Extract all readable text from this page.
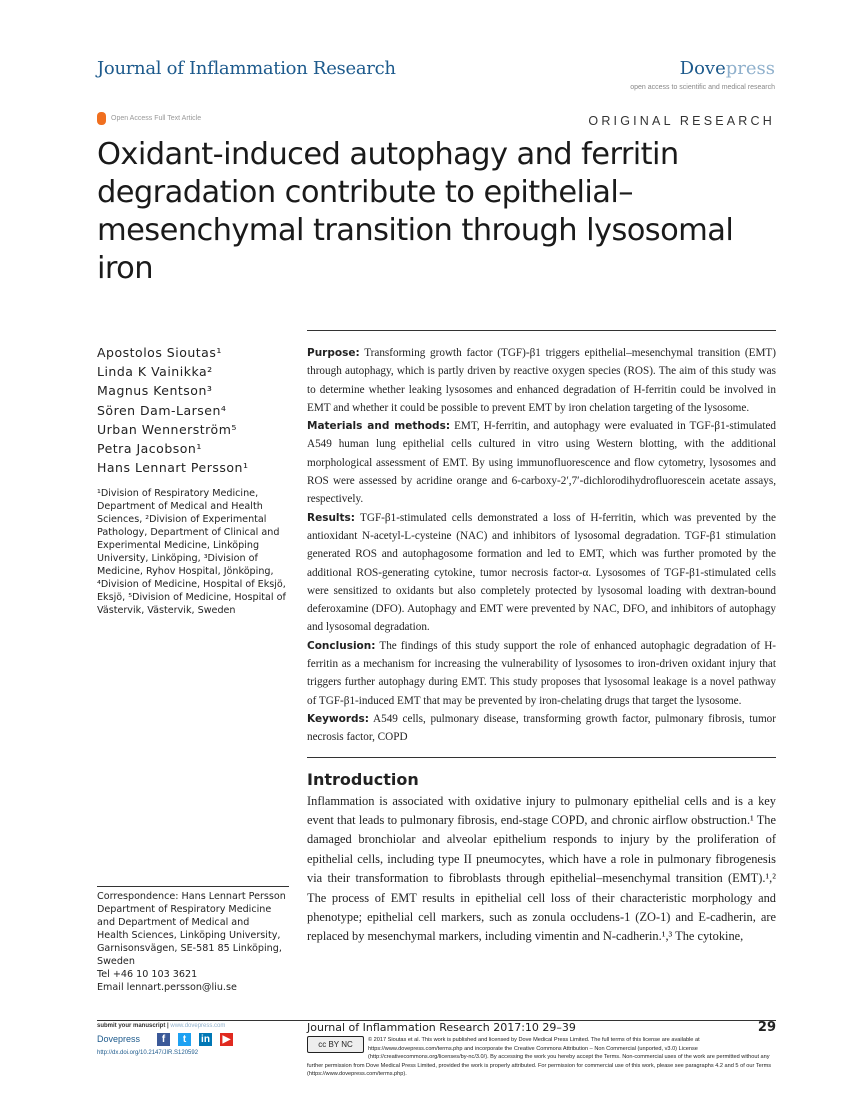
Journal of Inflammation Research	Dovepress
open access to scientific and medical research
Open Access Full Text Article	ORIGINAL RESEARCH
Oxidant-induced autophagy and ferritin degradation contribute to epithelial–mesenchymal transition through lysosomal iron
Apostolos Sioutas¹
Linda K Vainikka²
Magnus Kentson³
Sören Dam-Larsen⁴
Urban Wennerström⁵
Petra Jacobson¹
Hans Lennart Persson¹
¹Division of Respiratory Medicine, Department of Medical and Health Sciences, ²Division of Experimental Pathology, Department of Clinical and Experimental Medicine, Linköping University, Linköping, ³Division of Medicine, Ryhov Hospital, Jönköping, ⁴Division of Medicine, Hospital of Eksjö, Eksjö, ⁵Division of Medicine, Hospital of Västervik, Västervik, Sweden
Correspondence: Hans Lennart Persson
Department of Respiratory Medicine
and Department of Medical and
Health Sciences, Linköping University,
Garnisonsvägen, SE-581 85 Linköping,
Sweden
Tel +46 10 103 3621
Email lennart.persson@liu.se

Purpose: Transforming growth factor (TGF)-β1 triggers epithelial–mesenchymal transition (EMT) through autophagy, which is partly driven by reactive oxygen species (ROS). The aim of this study was to determine whether leaking lysosomes and enhanced degradation of H-ferritin could be involved in EMT and whether it could be possible to prevent EMT by iron chelation targeting of the lysosome.

Materials and methods: EMT, H-ferritin, and autophagy were evaluated in TGF-β1-stimulated A549 human lung epithelial cells cultured in vitro using Western blotting, with the additional morphological assessment of EMT. By using immunofluorescence and flow cytometry, lysosomes and ROS were assessed by acridine orange and 6-carboxy-2′,7′-dichlorodihydrofluorescein acetate assays, respectively.

Results: TGF-β1-stimulated cells demonstrated a loss of H-ferritin, which was prevented by the antioxidant N-acetyl-L-cysteine (NAC) and inhibitors of lysosomal degradation. TGF-β1 stimulation generated ROS and autophagosome formation and led to EMT, which was further promoted by the additional ROS-generating cytokine, tumor necrosis factor-α. Lysosomes of TGF-β1-stimulated cells were sensitized to oxidants but also completely protected by lysosomal loading with dextran-bound deferoxamine (DFO). Autophagy and EMT were prevented by NAC, DFO, and inhibitors of autophagy and lysosomal degradation.

Conclusion: The findings of this study support the role of enhanced autophagic degradation of H-ferritin as a mechanism for increasing the vulnerability of lysosomes to iron-driven oxidant injury that triggers further autophagy during EMT. This study proposes that lysosomal leakage is a novel pathway of TGF-β1-induced EMT that may be prevented by iron-chelating drugs that target the lysosome.

Keywords: A549 cells, pulmonary disease, transforming growth factor, pulmonary fibrosis, tumor necrosis factor, COPD

Introduction

Inflammation is associated with oxidative injury to pulmonary epithelial cells and is a key event that leads to pulmonary fibrosis, end-stage COPD, and chronic airflow obstruction.¹ The damaged bronchiolar and alveolar epithelium responds to injury by the proliferation of epithelial cells, including type II pneumocytes, which have a role in pulmonary fibrogenesis via their transformation to fibroblasts through epithelial–mesenchymal transition (EMT).¹,² The process of EMT results in epithelial cell loss of their characteristic morphology and phenotype; epithelial cell markers, such as zonula occludens-1 (ZO-1) and E-cadherin, are replaced by mesenchymal markers, including vimentin and N-cadherin.¹,³ The cytokine,

submit your manuscript | www.dovepress.com
Dovepress	f	t	in ▶
http://dx.doi.org/10.2147/JIR.S120592
Journal of Inflammation Research 2017:10 29–39	29
cc BY NC	© 2017 Sioutas et al. This work is published and licensed by Dove Medical Press Limited. The full terms of this license are available at https://www.dovepress.com/terms.php and incorporate the Creative Commons Attribution – Non Commercial (unported, v3.0) License (http://creativecommons.org/licenses/by-nc/3.0/). By accessing the work you hereby accept the Terms. Non-commercial uses of the work are permitted without any further permission from Dove Medical Press Limited, provided the work is properly attributed. For permission for commercial use of this work, please see paragraphs 4.2 and 5 of our Terms (https://www.dovepress.com/terms.php).
